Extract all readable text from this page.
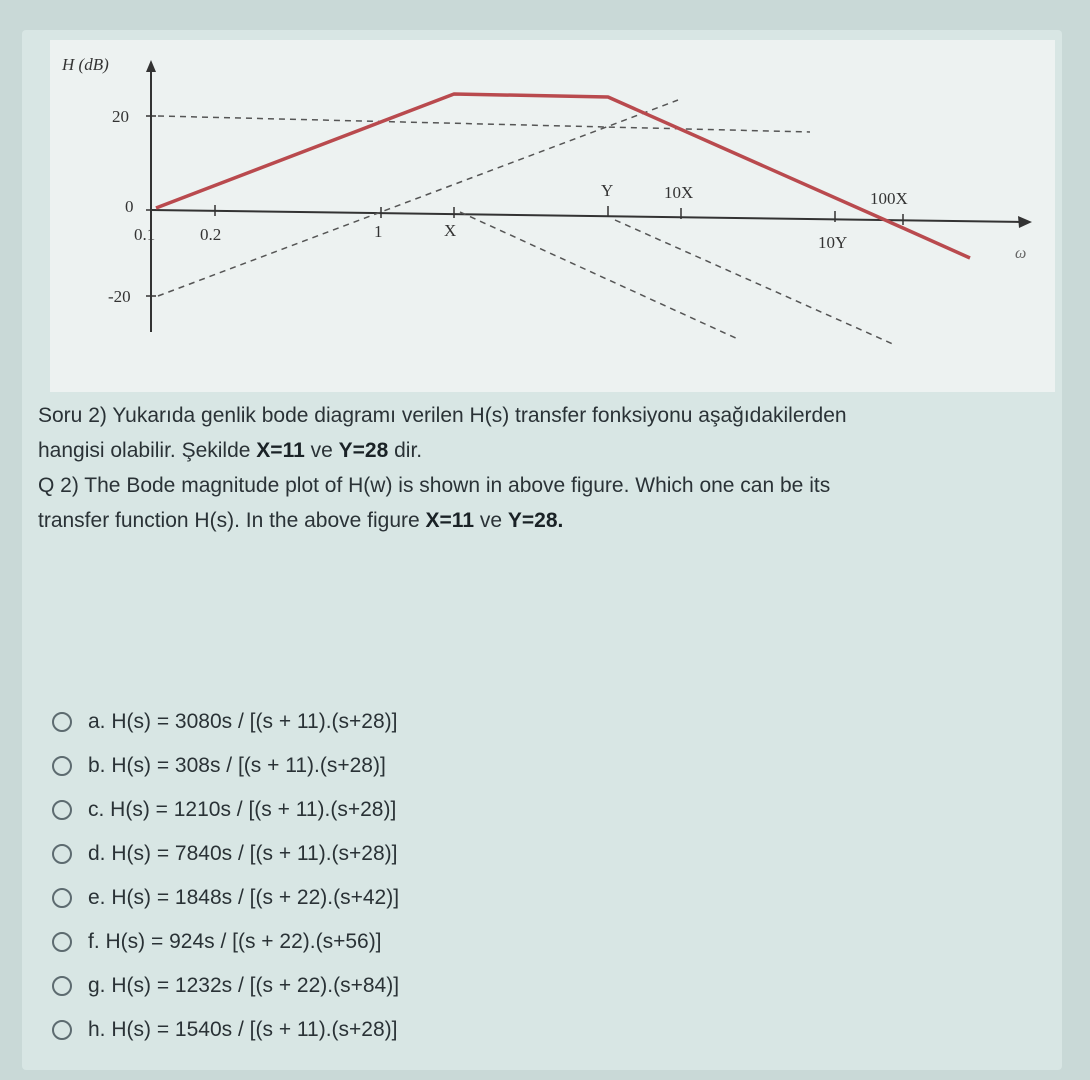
H (dB)
ω
20
0
-20
0.1	0.2	1	X
Y	10X
10Y
100X

Soru 2) Yukarıda genlik bode diagramı verilen H(s) transfer fonksiyonu aşağıdakilerden

hangisi olabilir. Şekilde X=11 ve Y=28 dir.

Q 2) The Bode magnitude plot of H(w) is shown in above figure. Which one can be its

transfer function H(s). In the above figure X=11 ve Y=28.

a. H(s) = 3080s / [(s + 11).(s+28)]
b. H(s) = 308s / [(s + 11).(s+28)]
c. H(s) = 1210s / [(s + 11).(s+28)]
d. H(s) = 7840s / [(s + 11).(s+28)]
e. H(s) = 1848s / [(s + 22).(s+42)]
f. H(s) = 924s / [(s + 22).(s+56)]
g. H(s) = 1232s / [(s + 22).(s+84)]
h. H(s) = 1540s / [(s + 11).(s+28)]
